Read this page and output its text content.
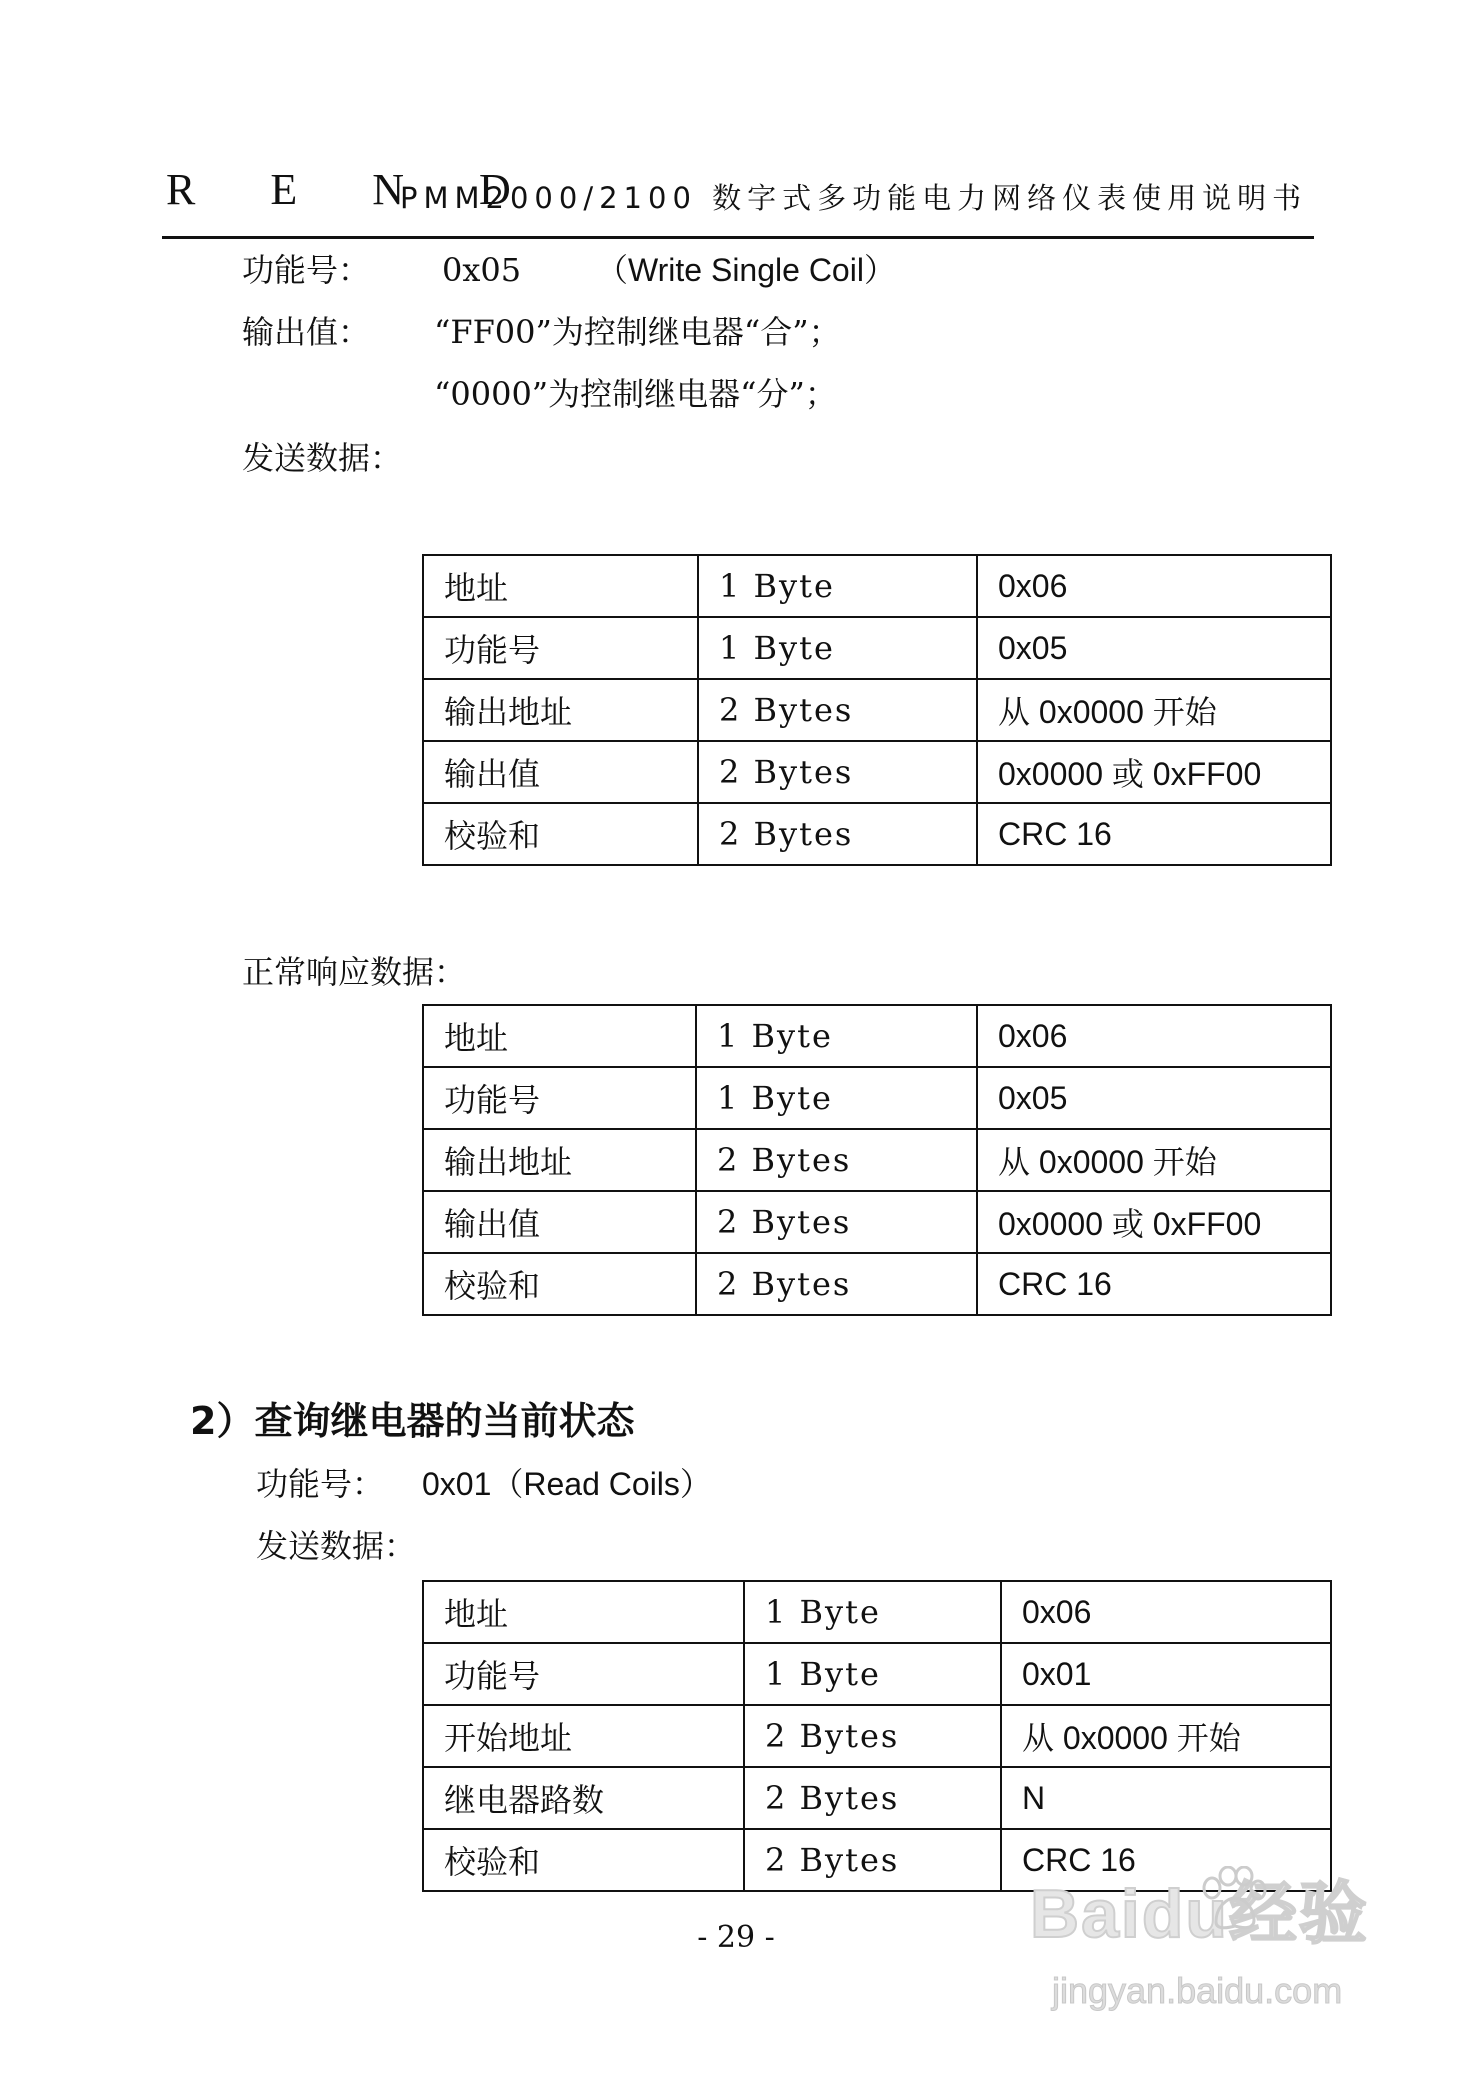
R E N D
PMM2000/2100 数字式多功能电力网络仪表使用说明书
功能号： 0x05 （Write Single Coil）
输出值： “FF00”为控制继电器“合”；
“0000”为控制继电器“分”；
发送数据：
地址	1 Byte	0x06
功能号	1 Byte	0x05
输出地址	2 Bytes	从 0x0000 开始
输出值	2 Bytes	0x0000 或 0xFF00
校验和	2 Bytes	CRC 16
正常响应数据：
地址	1 Byte	0x06
功能号	1 Byte	0x05
输出地址	2 Bytes	从 0x0000 开始
输出值	2 Bytes	0x0000 或 0xFF00
校验和	2 Bytes	CRC 16
2）查询继电器的当前状态
功能号： 0x01（Read Coils）
发送数据：
地址	1 Byte	0x06
功能号	1 Byte	0x01
开始地址	2 Bytes	从 0x0000 开始
继电器路数	2 Bytes	N
校验和	2 Bytes	CRC 16
- 29 -	Baidu经验
jingyan.baidu.com
